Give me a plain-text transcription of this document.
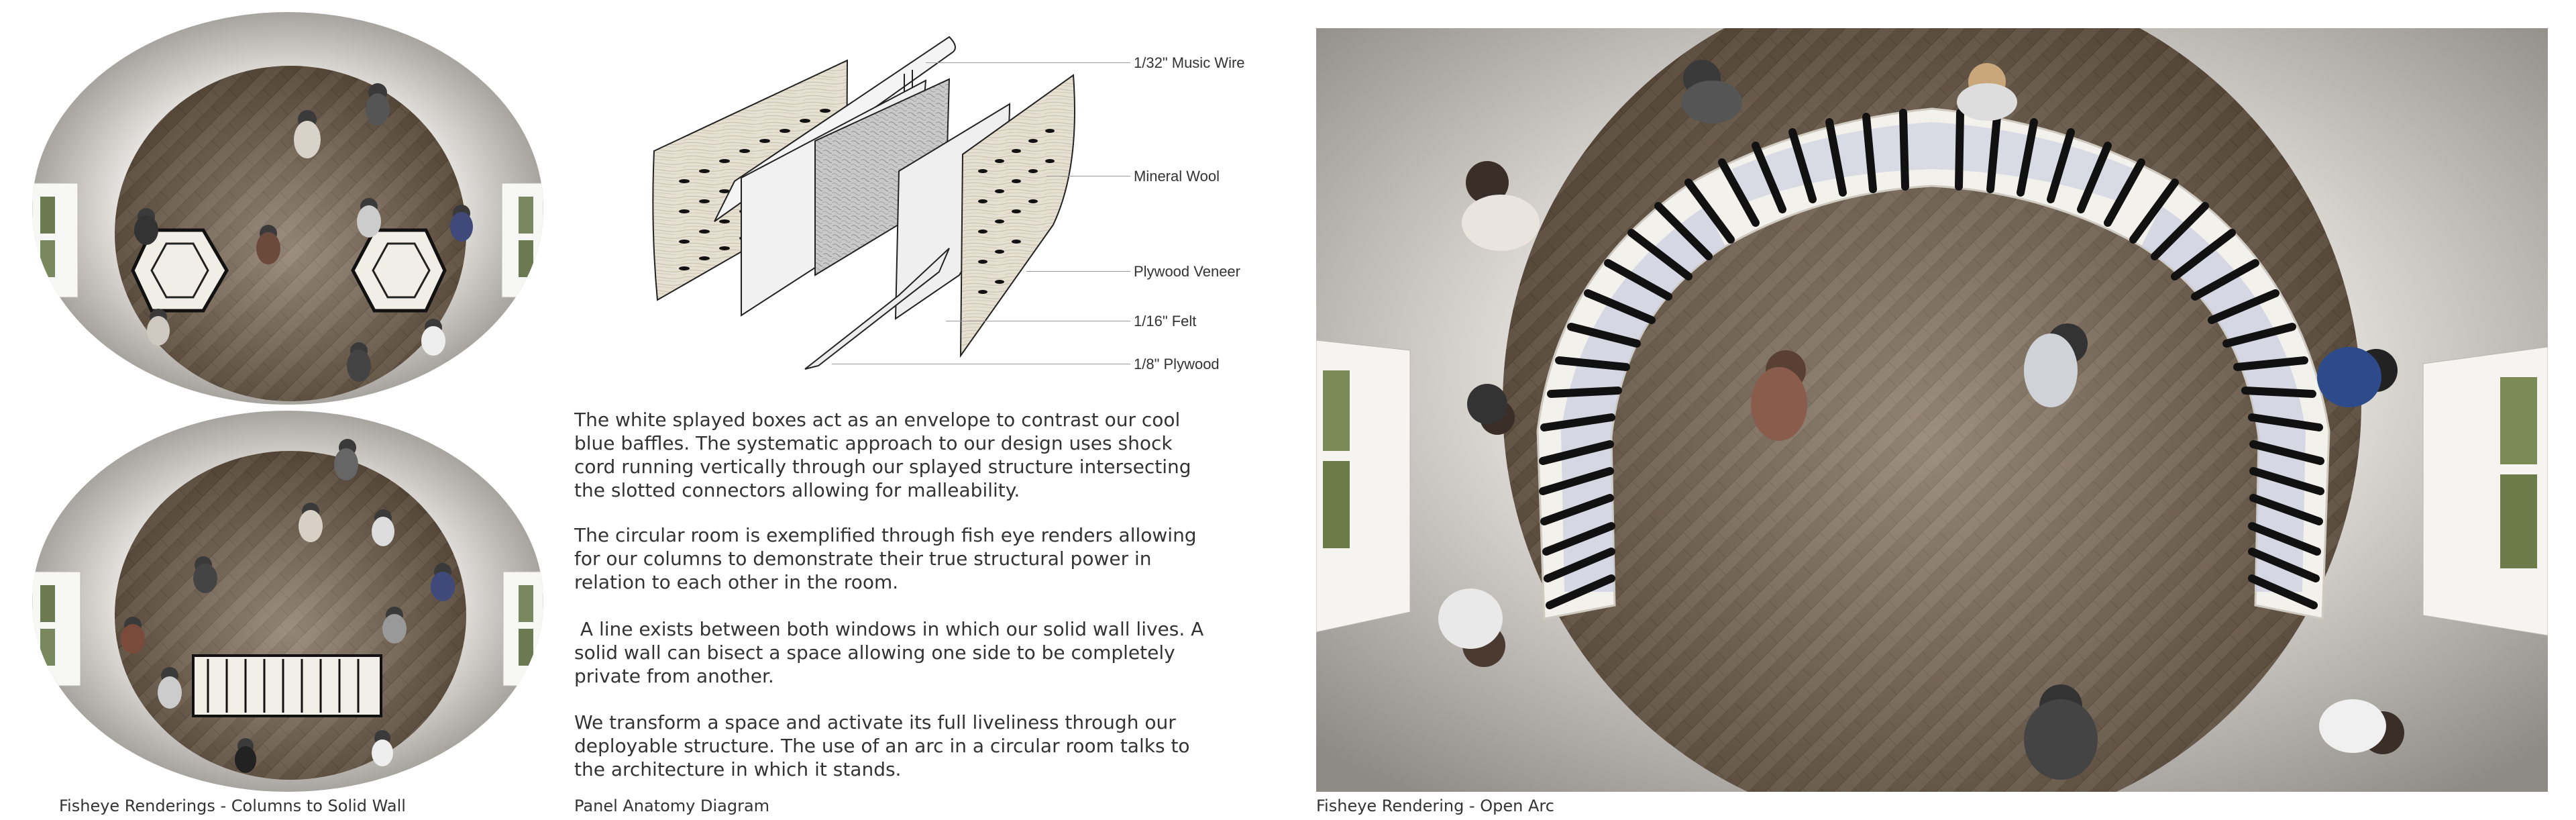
Fisheye Renderings - Columns to Solid Wall
1/32" Music Wire
Mineral Wool
Plywood Veneer
1/16" Felt
1/8" Plywood

The white splayed boxes act as an envelope to contrast our cool blue baffles. The systematic approach to our design uses shock cord running vertically through our splayed structure intersecting the slotted connectors allowing for malleability.

The circular room is exemplified through fish eye renders allowing for our columns to demonstrate their true structural power in relation to each other in the room.

A line exists between both windows in which our solid wall lives. A solid wall can bisect a space allowing one side to be completely private from another.

We transform a space and activate its full liveliness through our deployable structure. The use of an arc in a circular room talks to the architecture in which it stands.

Panel Anatomy Diagram	Fisheye Rendering - Open Arc
